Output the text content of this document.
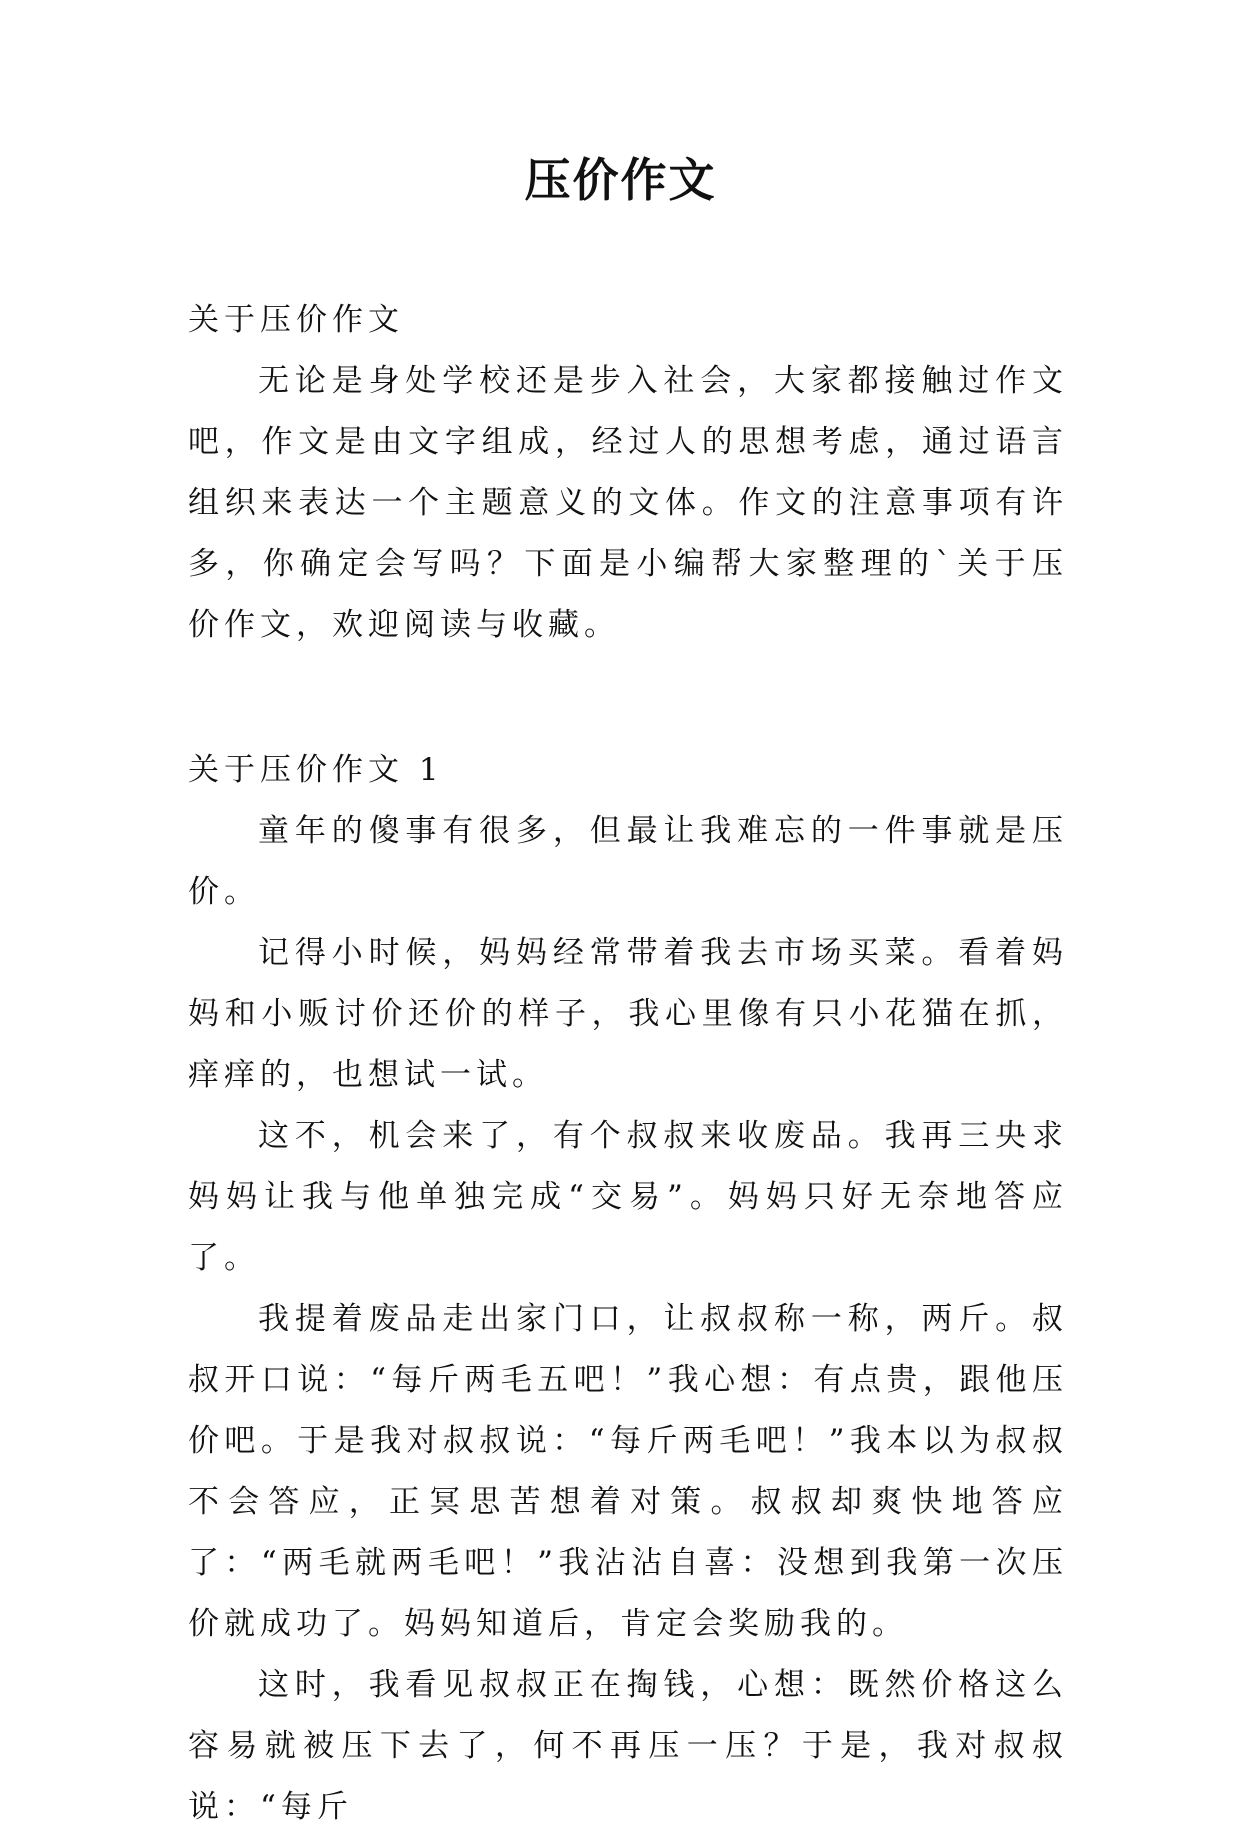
压价作文

关于压价作文

无论是身处学校还是步入社会，大家都接触过作文吧，作文是由文字组成，经过人的思想考虑，通过语言组织来表达一个主题意义的文体。作文的注意事项有许多，你确定会写吗？下面是小编帮大家整理的`关于压价作文，欢迎阅读与收藏。

关于压价作文 1

童年的傻事有很多，但最让我难忘的一件事就是压价。

记得小时候，妈妈经常带着我去市场买菜。看着妈妈和小贩讨价还价的样子，我心里像有只小花猫在抓，痒痒的，也想试一试。

这不，机会来了，有个叔叔来收废品。我再三央求妈妈让我与他单独完成“交易”。妈妈只好无奈地答应了。

我提着废品走出家门口，让叔叔称一称，两斤。叔叔开口说：“每斤两毛五吧！”我心想：有点贵，跟他压价吧。于是我对叔叔说：“每斤两毛吧！”我本以为叔叔不会答应，正冥思苦想着对策。叔叔却爽快地答应了：“两毛就两毛吧！”我沾沾自喜：没想到我第一次压价就成功了。妈妈知道后，肯定会奖励我的。

这时，我看见叔叔正在掏钱，心想：既然价格这么容易就被压下去了，何不再压一压？于是，我对叔叔说：“每斤
